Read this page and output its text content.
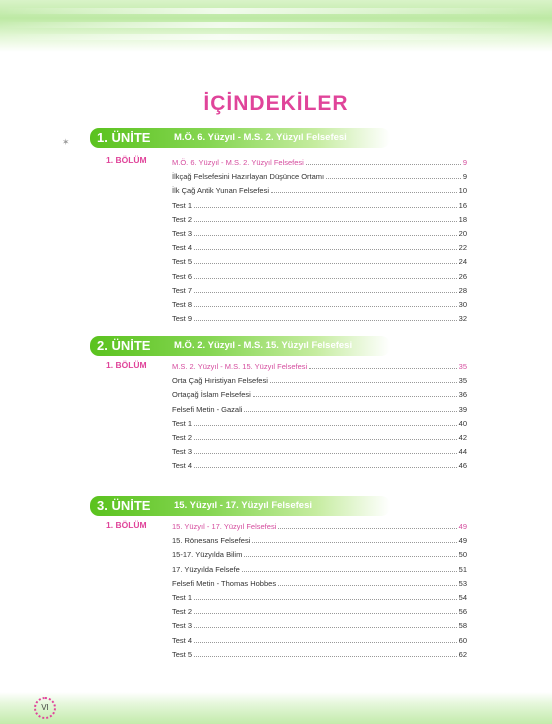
İÇİNDEKİLER
✶ 1. ÜNİTE M.Ö. 6. Yüzyıl - M.S. 2. Yüzyıl Felsefesi
1. BÖLÜM	M.Ö. 6. Yüzyıl - M.S. 2. Yüzyıl Felsefesi	9
İlkçağ Felsefesini Hazırlayan Düşünce Ortamı	9
İlk Çağ Antik Yunan Felsefesi	10
Test 1	16
Test 2	18
Test 3	20
Test 4	22
Test 5	24
Test 6	26
Test 7	28
Test 8	30
Test 9	32
2. ÜNİTE M.Ö. 2. Yüzyıl - M.S. 15. Yüzyıl Felsefesi
1. BÖLÜM	M.S. 2. Yüzyıl - M.S. 15. Yüzyıl Felsefesi	35
Orta Çağ Hıristiyan Felsefesi	35
Ortaçağ İslam Felsefesi	36
Felsefi Metin - Gazali	39
Test 1	40
Test 2	42
Test 3	44
Test 4	46
3. ÜNİTE 15. Yüzyıl - 17. Yüzyıl Felsefesi
1. BÖLÜM	15. Yüzyıl - 17. Yüzyıl Felsefesi	49
15. Rönesans Felsefesi	49
15-17. Yüzyılda Bilim	50
17. Yüzyılda Felsefe	51
Felsefi Metin - Thomas Hobbes	53
Test 1	54
Test 2	56
Test 3	58
Test 4	60
Test 5	62
VI
